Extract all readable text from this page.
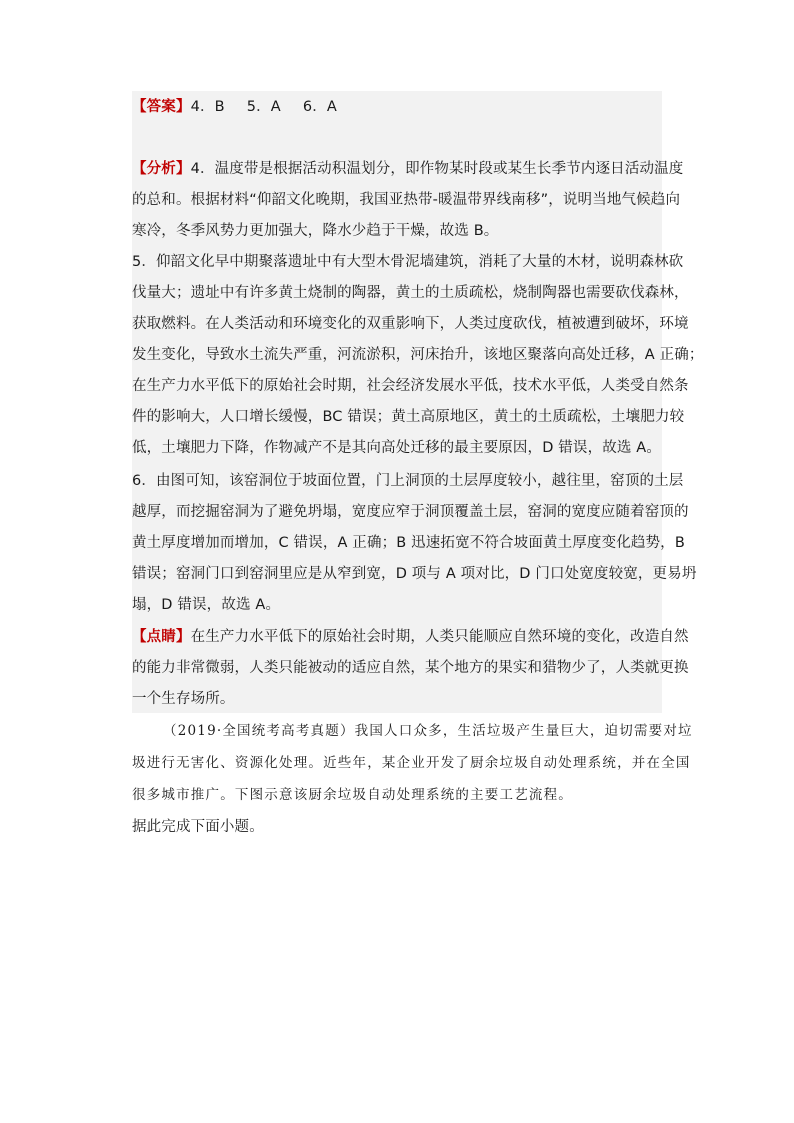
【答案】4．B 5．A 6．A
【分析】4．温度带是根据活动积温划分，即作物某时段或某生长季节内逐日活动温度
的总和。根据材料“仰韶文化晚期，我国亚热带-暖温带界线南移”，说明当地气候趋向
寒冷，冬季风势力更加强大，降水少趋于干燥，故选 B。
5．仰韶文化早中期聚落遗址中有大型木骨泥墙建筑，消耗了大量的木材，说明森林砍
伐量大；遗址中有许多黄土烧制的陶器，黄土的土质疏松，烧制陶器也需要砍伐森林，
获取燃料。在人类活动和环境变化的双重影响下，人类过度砍伐，植被遭到破坏，环境
发生变化，导致水土流失严重，河流淤积，河床抬升，该地区聚落向高处迁移，A 正确；
在生产力水平低下的原始社会时期，社会经济发展水平低，技术水平低，人类受自然条
件的影响大，人口增长缓慢，BC 错误；黄土高原地区，黄土的土质疏松，土壤肥力较
低，土壤肥力下降，作物减产不是其向高处迁移的最主要原因，D 错误，故选 A。
6．由图可知，该窑洞位于坡面位置，门上洞顶的土层厚度较小，越往里，窑顶的土层
越厚，而挖掘窑洞为了避免坍塌，宽度应窄于洞顶覆盖土层，窑洞的宽度应随着窑顶的
黄土厚度增加而增加，C 错误，A 正确；B 迅速拓宽不符合坡面黄土厚度变化趋势，B
错误；窑洞门口到窑洞里应是从窄到宽，D 项与 A 项对比，D 门口处宽度较宽，更易坍
塌，D 错误，故选 A。
【点睛】在生产力水平低下的原始社会时期，人类只能顺应自然环境的变化，改造自然
的能力非常微弱，人类只能被动的适应自然，某个地方的果实和猎物少了，人类就更换
一个生存场所。
（2019·全国统考高考真题）我国人口众多，生活垃圾产生量巨大，迫切需要对垃
圾进行无害化、资源化处理。近些年，某企业开发了厨余垃圾自动处理系统，并在全国
很多城市推广。下图示意该厨余垃圾自动处理系统的主要工艺流程。
据此完成下面小题。
